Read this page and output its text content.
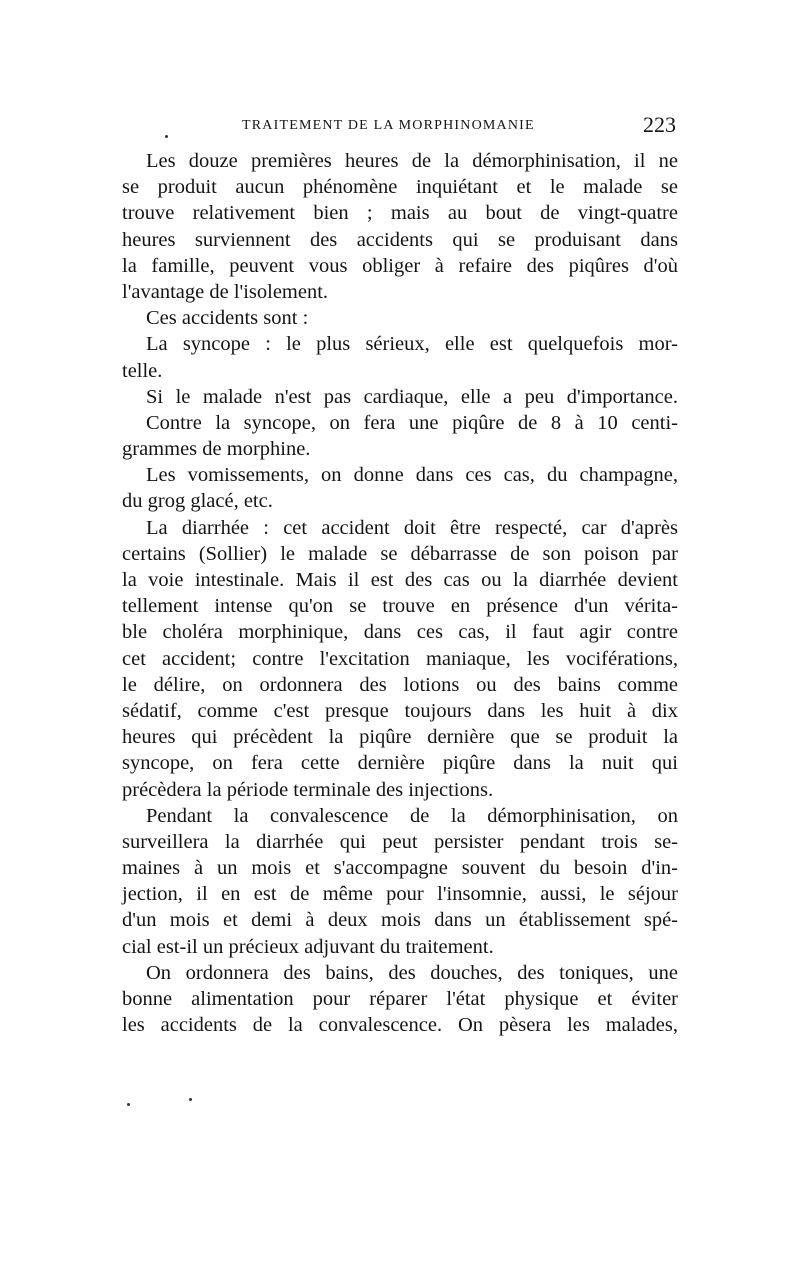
TRAITEMENT DE LA MORPHINOMANIE	223
Les douze premières heures de la démorphinisation, il ne
se produit aucun phénomène inquiétant et le malade se
trouve relativement bien ; mais au bout de vingt-quatre
heures surviennent des accidents qui se produisant dans
la famille, peuvent vous obliger à refaire des piqûres d'où
l'avantage de l'isolement.
Ces accidents sont :
La syncope : le plus sérieux, elle est quelquefois mor-
telle.
Si le malade n'est pas cardiaque, elle a peu d'importance.
Contre la syncope, on fera une piqûre de 8 à 10 centi-
grammes de morphine.
Les vomissements, on donne dans ces cas, du champagne,
du grog glacé, etc.
La diarrhée : cet accident doit être respecté, car d'après
certains (Sollier) le malade se débarrasse de son poison par
la voie intestinale. Mais il est des cas ou la diarrhée devient
tellement intense qu'on se trouve en présence d'un vérita-
ble choléra morphinique, dans ces cas, il faut agir contre
cet accident; contre l'excitation maniaque, les vociférations,
le délire, on ordonnera des lotions ou des bains comme
sédatif, comme c'est presque toujours dans les huit à dix
heures qui précèdent la piqûre dernière que se produit la
syncope, on fera cette dernière piqûre dans la nuit qui
précèdera la période terminale des injections.
Pendant la convalescence de la démorphinisation, on
surveillera la diarrhée qui peut persister pendant trois se-
maines à un mois et s'accompagne souvent du besoin d'in-
jection, il en est de même pour l'insomnie, aussi, le séjour
d'un mois et demi à deux mois dans un établissement spé-
cial est-il un précieux adjuvant du traitement.
On ordonnera des bains, des douches, des toniques, une
bonne alimentation pour réparer l'état physique et éviter
les accidents de la convalescence. On pèsera les malades,
